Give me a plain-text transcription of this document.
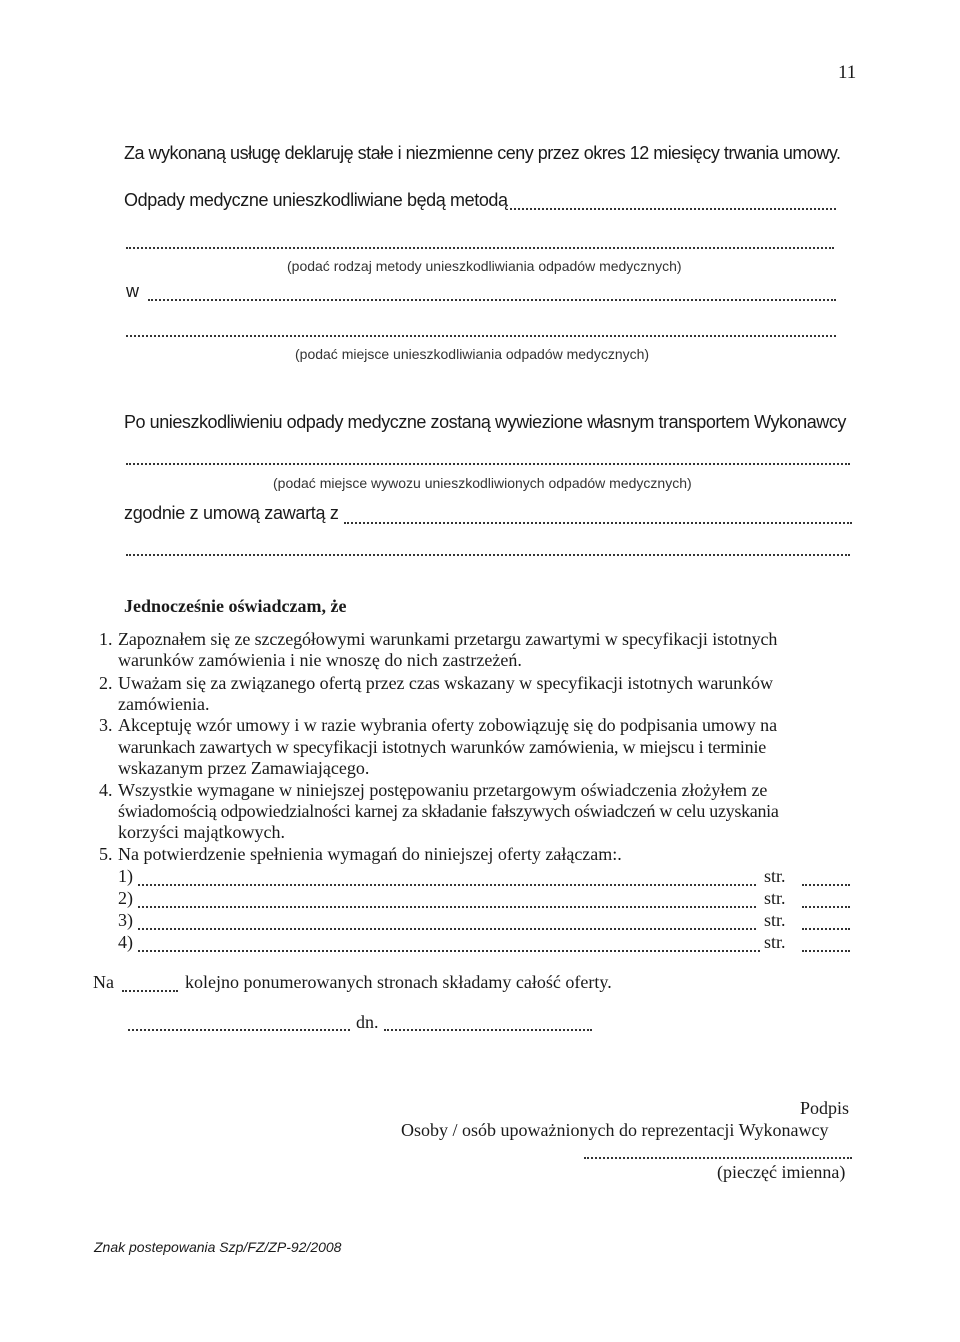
11

Za wykonaną usługę deklaruję stałe i niezmienne ceny przez okres 12 miesięcy trwania umowy.

Odpady medyczne unieszkodliwiane będą metodą

(podać rodzaj metody unieszkodliwiania odpadów medycznych)

w

(podać miejsce unieszkodliwiania odpadów medycznych)

Po unieszkodliwieniu odpady medyczne zostaną wywiezione własnym transportem Wykonawcy

(podać miejsce wywozu unieszkodliwionych odpadów medycznych)

zgodnie z umową zawartą z

Jednocześnie oświadczam, że

1. Zapoznałem się ze szczegółowymi warunkami przetargu zawartymi w specyfikacji istotnych

warunków zamówienia i nie wnoszę do nich zastrzeżeń.

2. Uważam się za związanego ofertą przez czas wskazany w specyfikacji istotnych warunków

zamówienia.

3. Akceptuję wzór umowy i w razie wybrania oferty zobowiązuję się do podpisania umowy na

warunkach zawartych w specyfikacji istotnych warunków zamówienia, w miejscu i terminie

wskazanym przez Zamawiającego.

4. Wszystkie wymagane w niniejszej postępowaniu przetargowym oświadczenia złożyłem ze

świadomością odpowiedzialności karnej za składanie fałszywych oświadczeń w celu uzyskania

korzyści majątkowych.

5. Na potwierdzenie spełnienia wymagań do niniejszej oferty załączam:.

1)	str.

2)	str.

3)	str.

4)	str.

Na	kolejno ponumerowanych stronach składamy całość oferty.

dn.

Podpis

Osoby / osób upoważnionych do reprezentacji Wykonawcy

(pieczęć imienna)

Znak postepowania Szp/FZ/ZP-92/2008
